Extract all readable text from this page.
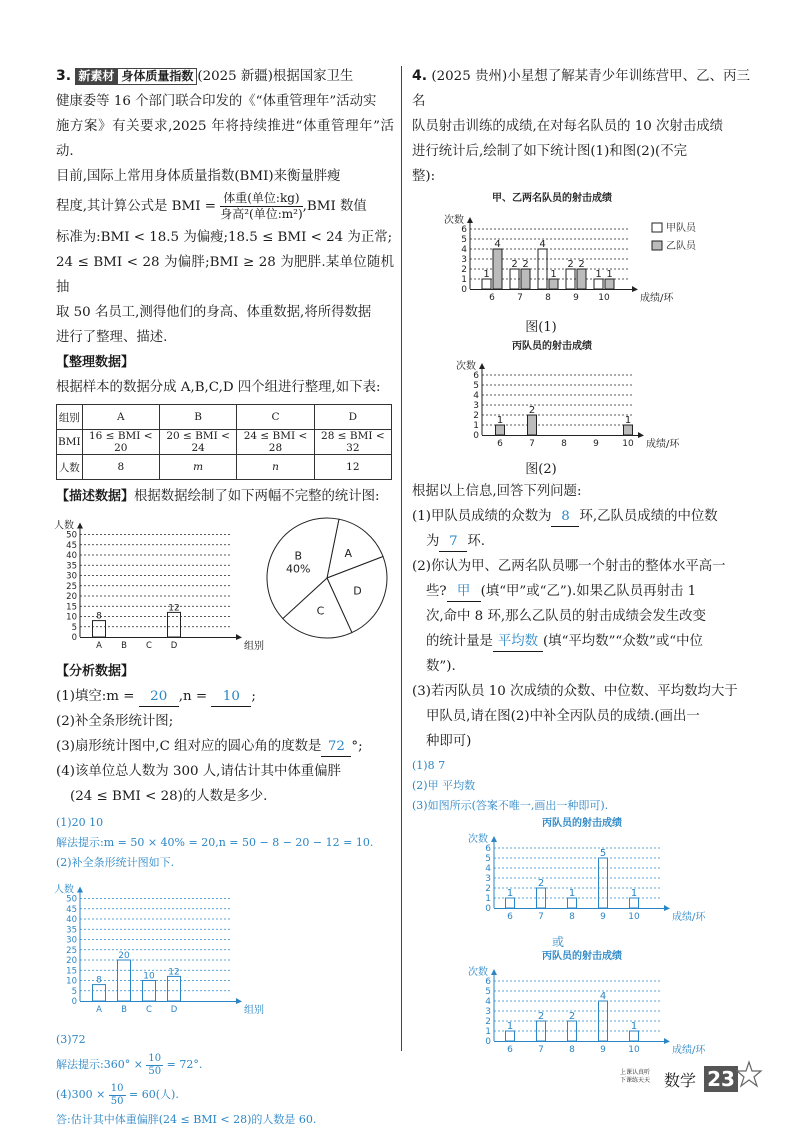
3. 新素材 身体质量指数 (2025 新疆)根据国家卫生

健康委等 16 个部门联合印发的《“体重管理年”活动实

施方案》有关要求,2025 年将持续推进“体重管理年”活动.

目前,国际上常用身体质量指数(BMI)来衡量胖瘦

程度,其计算公式是 BMI = $\frac{\text{体重(单位:kg)}}{\text{身高²(单位:m²)}} ,BMI$ 数值

标准为:BMI < 18.5 为偏瘦;18.5 ≤ BMI < 24 为正常;

24 ≤ BMI < 28 为偏胖;BMI ≥ 28 为肥胖.某单位随机抽

取 50 名员工,测得他们的身高、体重数据,将所得数据

进行了整理、描述.

【整理数据】

根据样本的数据分成 A,B,C,D 四个组进行整理,如下表:

组别	A	B	C	D
BMI	16 ≤ BMI < 20	20 ≤ BMI < 24	24 ≤ BMI < 28	28 ≤ BMI < 32
人数	8	m	n	12

【描述数据】根据数据绘制了如下两幅不完整的统计图:

人数
0
5
10
15
20
25
30
35
40
45
50
组别
A
8
B C D
12
A
D
C
B
40%

【分析数据】

(1)填空:m = 20 ,n = 10 ;

(2)补全条形统计图;

(3)扇形统计图中,C 组对应的圆心角的度数是 72 °;

(4)该单位总人数为 300 人,请估计其中体重偏胖

(24 ≤ BMI < 28)的人数是多少.

(1)20 10
解法提示:m = 50 × 40% = 20,n = 50 − 8 − 20 − 12 = 10.
(2)补全条形统计图如下.
人数
0
5
10
15
20
25
30
35
40
45
50
组别
A
8
B
20
C
10
D
12
(3)72
解法提示:360° × $\frac{10}{50} = 72^\circ$.
$(4)300 \times \frac{10}{50} = 60$(人).
答:估计其中体重偏胖(24 ≤ BMI < 28)的人数是 60.

4. (2025 贵州)小星想了解某青少年训练营甲、乙、丙三名

队员射击训练的成绩,在对每名队员的 10 次射击成绩

进行统计后,绘制了如下统计图(1)和图(2)(不完

整):

甲、乙两名队员的射击成绩
次数
0
1
2
3
4
5
6
成绩/环
6
1
4
7
2 2
8
4
1
9
2 2
10
1 1
甲队员
乙队员
图(1)
丙队员的射击成绩
次数
0
1
2
3
4
5
6
成绩/环
6
1
7
2
8	9	10
1
图(2)

根据以上信息,回答下列问题:

(1)甲队员成绩的众数为 8 环,乙队员成绩的中位数

为 7 环.

(2)你认为甲、乙两名队员哪一个射击的整体水平高一

些? 甲 (填“甲”或“乙”).如果乙队员再射击 1

次,命中 8 环,那么乙队员的射击成绩会发生改变

的统计量是 平均数 (填“平均数”“众数”或“中位

数”).

(3)若丙队员 10 次成绩的众数、中位数、平均数均大于

甲队员,请在图(2)中补全丙队员的成绩.(画出一

种即可)

(1)8 7
(2)甲 平均数
(3)如图所示(答案不唯一,画出一种即可).
丙队员的射击成绩
次数
0
1
2
3
4
5
6
成绩/环
6
1
7
2
8
1
9
5
10
1
或
丙队员的射击成绩
次数
0
1
2
3
4
5
6
成绩/环
6
1
7
2
8
2
9
4
10
1
上课认真听
下课练天天 数学 23
